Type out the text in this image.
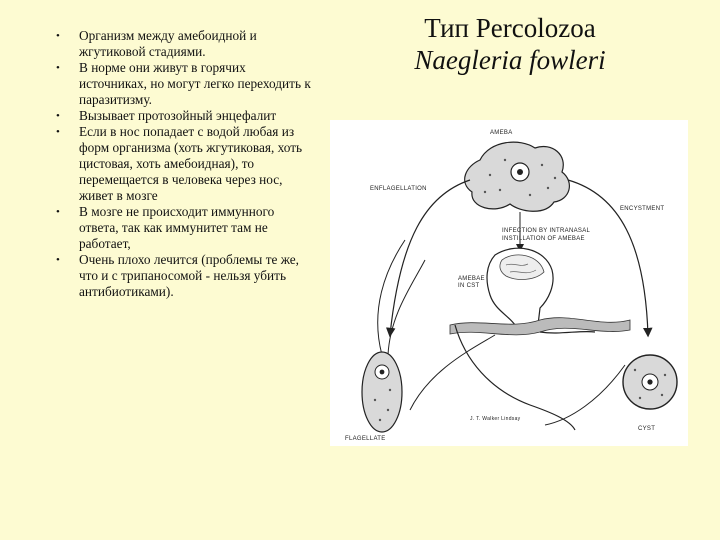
• Организм между амебоидной и жгутиковой стадиями.
• В норме они живут в горячих источниках, но могут легко переходить к паразитизму.
• Вызывает протозойный энцефалит
• Если в нос попадает с водой любая из форм организма (хоть жгутиковая, хоть цистовая, хоть амебоидная), то перемещается в человека через нос, живет в мозге
• В мозге не происходит иммунного ответа, так как иммунитет там не работает,
• Очень плохо лечится (проблемы те же, что и с трипаносомой - нельзя убить антибиотиками).
Тип Percolozoa
Naegleria fowleri
AMEBA
ENFLAGELLATION
ENCYSTMENT
INFECTION BY INTRANASAL
INSTILLATION OF AMEBAE
AMEBAE
IN CST
FLAGELLATE
CYST
J. T. Walker Lindsay
